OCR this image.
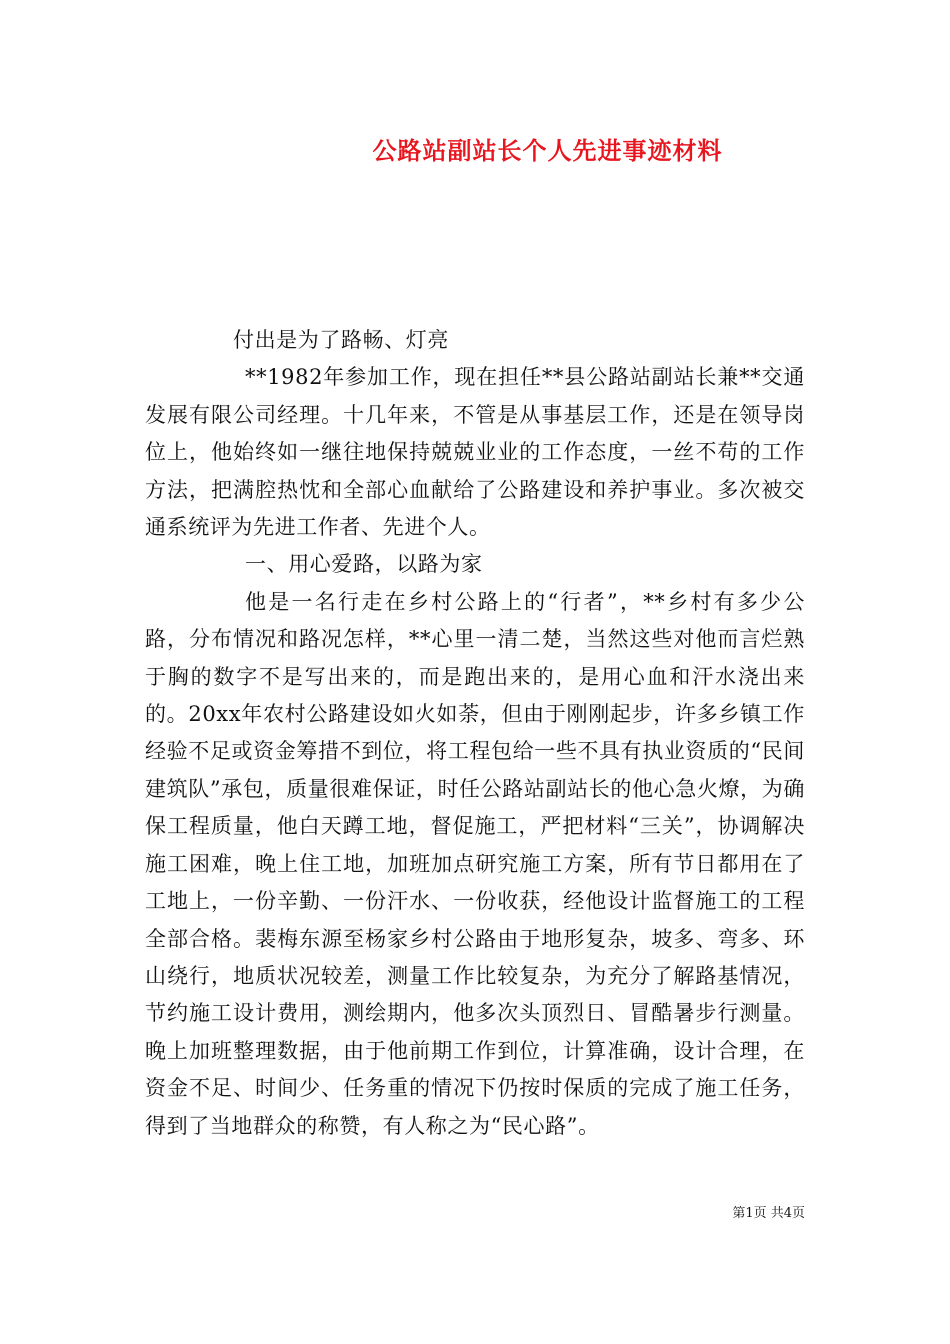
公路站副站长个人先进事迹材料

付出是为了路畅、灯亮

**1982年参加工作，现在担任**县公路站副站长兼**交通发展有限公司经理。十几年来，不管是从事基层工作，还是在领导岗位上，他始终如一继往地保持兢兢业业的工作态度，一丝不苟的工作方法，把满腔热忱和全部心血献给了公路建设和养护事业。多次被交通系统评为先进工作者、先进个人。

一、用心爱路，以路为家

他是一名行走在乡村公路上的“行者”，**乡村有多少公路，分布情况和路况怎样，**心里一清二楚，当然这些对他而言烂熟于胸的数字不是写出来的，而是跑出来的，是用心血和汗水浇出来的。20xx年农村公路建设如火如荼，但由于刚刚起步，许多乡镇工作经验不足或资金筹措不到位，将工程包给一些不具有执业资质的“民间建筑队”承包，质量很难保证，时任公路站副站长的他心急火燎，为确保工程质量，他白天蹲工地，督促施工，严把材料“三关”，协调解决施工困难，晚上住工地，加班加点研究施工方案，所有节日都用在了工地上，一份辛勤、一份汗水、一份收获，经他设计监督施工的工程全部合格。裴梅东源至杨家乡村公路由于地形复杂，坡多、弯多、环山绕行，地质状况较差，测量工作比较复杂，为充分了解路基情况，节约施工设计费用，测绘期内，他多次头顶烈日、冒酷暑步行测量。晚上加班整理数据，由于他前期工作到位，计算准确，设计合理，在资金不足、时间少、任务重的情况下仍按时保质的完成了施工任务，得到了当地群众的称赞，有人称之为“民心路”。

第1页 共4页
